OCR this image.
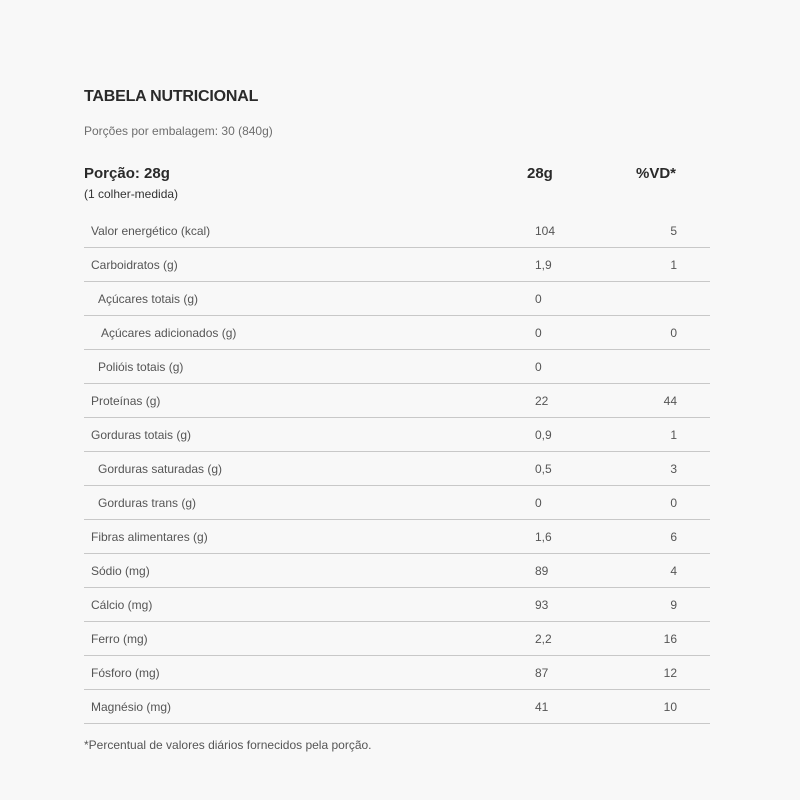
TABELA NUTRICIONAL
Porções por embalagem: 30 (840g)
Porção: 28g
(1 colher-medida)
28g	%VD*
Valor energético (kcal)	104	5
Carboidratos (g)	1,9	1
Açúcares totais (g)	0
Açúcares adicionados (g)	0	0
Polióis totais (g)	0
Proteínas (g)	22	44
Gorduras totais (g)	0,9	1
Gorduras saturadas (g)	0,5	3
Gorduras trans (g)	0	0
Fibras alimentares (g)	1,6	6
Sódio (mg)	89	4
Cálcio (mg)	93	9
Ferro (mg)	2,2	16
Fósforo (mg)	87	12
Magnésio (mg)	41	10
*Percentual de valores diários fornecidos pela porção.
